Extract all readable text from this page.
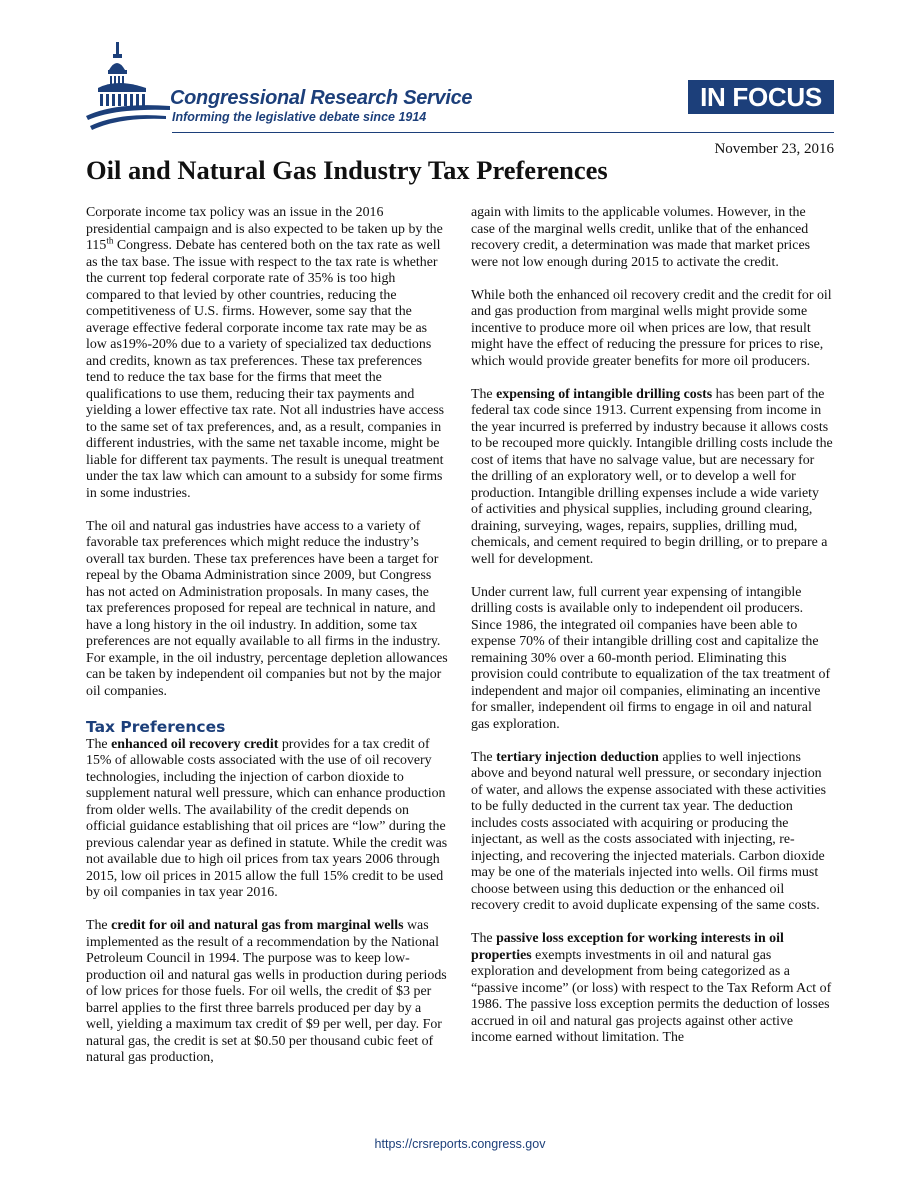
Congressional Research Service
Informing the legislative debate since 1914
IN FOCUS
November 23, 2016
Oil and Natural Gas Industry Tax Preferences

Corporate income tax policy was an issue in the 2016 presidential campaign and is also expected to be taken up by the 115th Congress. Debate has centered both on the tax rate as well as the tax base. The issue with respect to the tax rate is whether the current top federal corporate rate of 35% is too high compared to that levied by other countries, reducing the competitiveness of U.S. firms. However, some say that the average effective federal corporate income tax rate may be as low as19%-20% due to a variety of specialized tax deductions and credits, known as tax preferences. These tax preferences tend to reduce the tax base for the firms that meet the qualifications to use them, reducing their tax payments and yielding a lower effective tax rate. Not all industries have access to the same set of tax preferences, and, as a result, companies in different industries, with the same net taxable income, might be liable for different tax payments. The result is unequal treatment under the tax law which can amount to a subsidy for some firms in some industries.

The oil and natural gas industries have access to a variety of favorable tax preferences which might reduce the industry’s overall tax burden. These tax preferences have been a target for repeal by the Obama Administration since 2009, but Congress has not acted on Administration proposals. In many cases, the tax preferences proposed for repeal are technical in nature, and have a long history in the oil industry. In addition, some tax preferences are not equally available to all firms in the industry. For example, in the oil industry, percentage depletion allowances can be taken by independent oil companies but not by the major oil companies.

Tax Preferences

The enhanced oil recovery credit provides for a tax credit of 15% of allowable costs associated with the use of oil recovery technologies, including the injection of carbon dioxide to supplement natural well pressure, which can enhance production from older wells. The availability of the credit depends on official guidance establishing that oil prices are “low” during the previous calendar year as defined in statute. While the credit was not available due to high oil prices from tax years 2006 through 2015, low oil prices in 2015 allow the full 15% credit to be used by oil companies in tax year 2016.

The credit for oil and natural gas from marginal wells was implemented as the result of a recommendation by the National Petroleum Council in 1994. The purpose was to keep low-production oil and natural gas wells in production during periods of low prices for those fuels. For oil wells, the credit of $3 per barrel applies to the first three barrels produced per day by a well, yielding a maximum tax credit of $9 per well, per day. For natural gas, the credit is set at $0.50 per thousand cubic feet of natural gas production,

again with limits to the applicable volumes. However, in the case of the marginal wells credit, unlike that of the enhanced recovery credit, a determination was made that market prices were not low enough during 2015 to activate the credit.

While both the enhanced oil recovery credit and the credit for oil and gas production from marginal wells might provide some incentive to produce more oil when prices are low, that result might have the effect of reducing the pressure for prices to rise, which would provide greater benefits for more oil producers.

The expensing of intangible drilling costs has been part of the federal tax code since 1913. Current expensing from income in the year incurred is preferred by industry because it allows costs to be recouped more quickly. Intangible drilling costs include the cost of items that have no salvage value, but are necessary for the drilling of an exploratory well, or to develop a well for production. Intangible drilling expenses include a wide variety of activities and physical supplies, including ground clearing, draining, surveying, wages, repairs, supplies, drilling mud, chemicals, and cement required to begin drilling, or to prepare a well for development.

Under current law, full current year expensing of intangible drilling costs is available only to independent oil producers. Since 1986, the integrated oil companies have been able to expense 70% of their intangible drilling cost and capitalize the remaining 30% over a 60-month period. Eliminating this provision could contribute to equalization of the tax treatment of independent and major oil companies, eliminating an incentive for smaller, independent oil firms to engage in oil and natural gas exploration.

The tertiary injection deduction applies to well injections above and beyond natural well pressure, or secondary injection of water, and allows the expense associated with these activities to be fully deducted in the current tax year. The deduction includes costs associated with acquiring or producing the injectant, as well as the costs associated with injecting, re-injecting, and recovering the injected materials. Carbon dioxide may be one of the materials injected into wells. Oil firms must choose between using this deduction or the enhanced oil recovery credit to avoid duplicate expensing of the same costs.

The passive loss exception for working interests in oil properties exempts investments in oil and natural gas exploration and development from being categorized as a “passive income” (or loss) with respect to the Tax Reform Act of 1986. The passive loss exception permits the deduction of losses accrued in oil and natural gas projects against other active income earned without limitation. The

https://crsreports.congress.gov
